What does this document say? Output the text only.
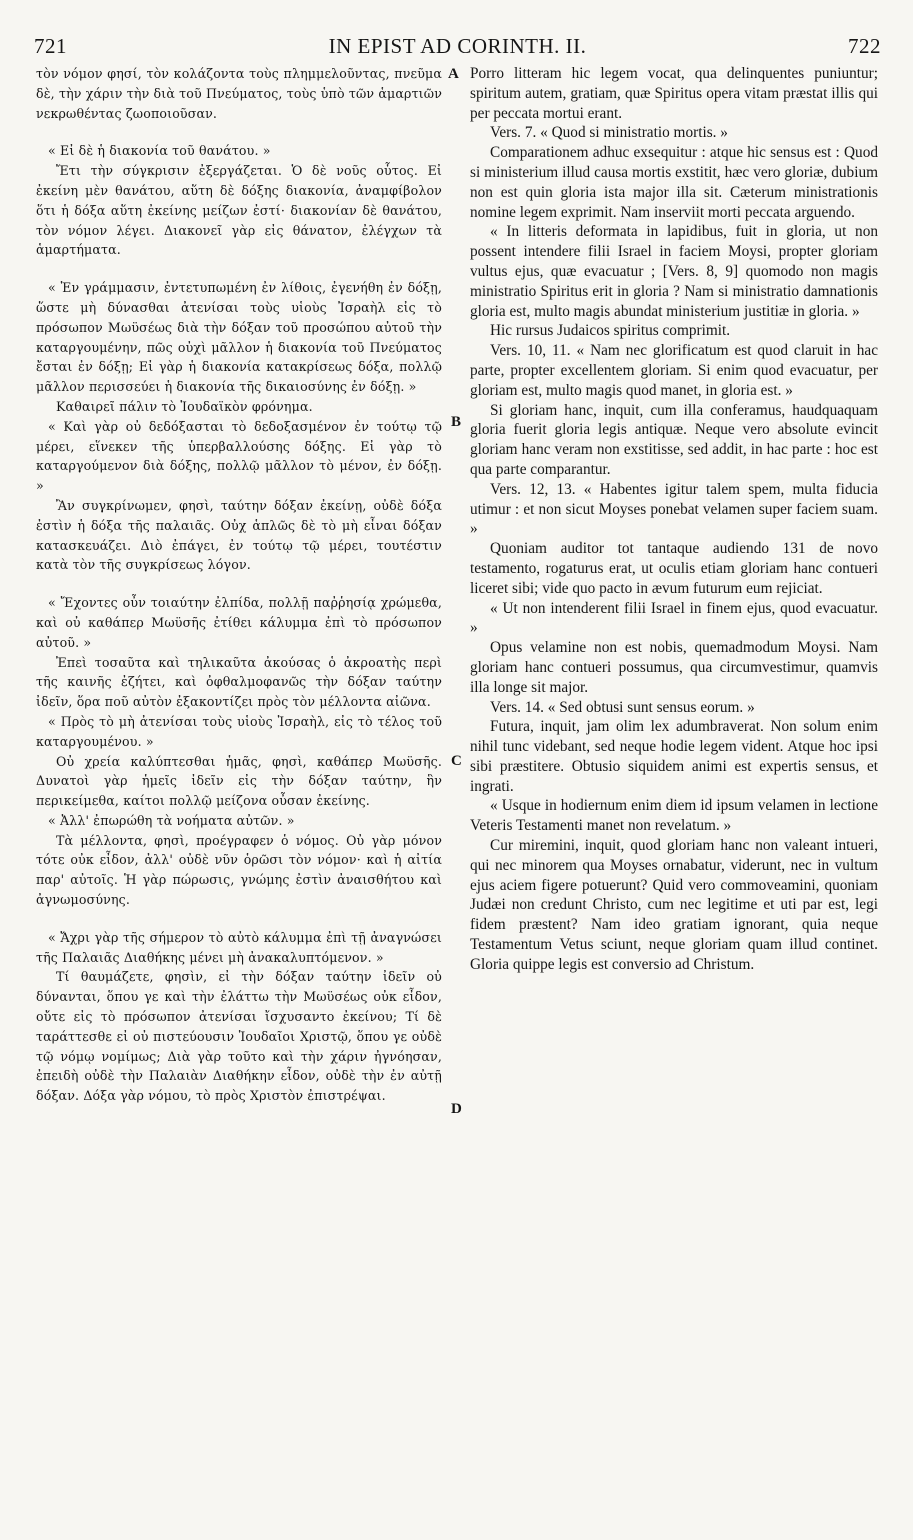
721	IN EPIST AD CORINTH. II.	722

τὸν νόμον φησί, τὸν κολάζοντα τοὺς πλημμελοῦντας, πνεῦμα δὲ, τὴν χάριν τὴν διὰ τοῦ Πνεύματος, τοὺς ὑπὸ τῶν ἁμαρτιῶν νεκρωθέντας ζωοποιοῦσαν.

« Εἰ δὲ ἡ διακονία τοῦ θανάτου. »

Ἔτι τὴν σύγκρισιν ἐξεργάζεται. Ὁ δὲ νοῦς οὗτος. Εἰ ἐκείνη μὲν θανάτου, αὕτη δὲ δόξης διακονία, ἀναμφίβολον ὅτι ἡ δόξα αὕτη ἐκείνης μείζων ἐστί· διακονίαν δὲ θανάτου, τὸν νόμον λέγει. Διακονεῖ γὰρ εἰς θάνατον, ἐλέγχων τὰ ἁμαρτήματα.

« Ἐν γράμμασιν, ἐντετυπωμένη ἐν λίθοις, ἐγενήθη ἐν δόξῃ, ὥστε μὴ δύνασθαι ἀτενίσαι τοὺς υἱοὺς Ἰσραὴλ εἰς τὸ πρόσωπον Μωϋσέως διὰ τὴν δόξαν τοῦ προσώπου αὐτοῦ τὴν καταργουμένην, πῶς οὐχὶ μᾶλλον ἡ διακονία τοῦ Πνεύματος ἔσται ἐν δόξῃ; Εἰ γὰρ ἡ διακονία κατακρίσεως δόξα, πολλῷ μᾶλλον περισσεύει ἡ διακονία τῆς δικαιοσύνης ἐν δόξῃ. »

Καθαιρεῖ πάλιν τὸ Ἰουδαϊκὸν φρόνημα.

« Καὶ γὰρ οὐ δεδόξασται τὸ δεδοξασμένον ἐν τούτῳ τῷ μέρει, εἵνεκεν τῆς ὑπερβαλλούσης δόξης. Εἰ γὰρ τὸ καταργούμενον διὰ δόξης, πολλῷ μᾶλλον τὸ μένον, ἐν δόξῃ. »

Ἂν συγκρίνωμεν, φησὶ, ταύτην δόξαν ἐκείνῃ, οὐδὲ δόξα ἐστὶν ἡ δόξα τῆς παλαιᾶς. Οὐχ ἁπλῶς δὲ τὸ μὴ εἶναι δόξαν κατασκευάζει. Διὸ ἐπάγει, ἐν τούτῳ τῷ μέρει, τουτέστιν κατὰ τὸν τῆς συγκρίσεως λόγον.

« Ἔχοντες οὖν τοιαύτην ἐλπίδα, πολλῇ παῤῥησίᾳ χρώμεθα, καὶ οὐ καθάπερ Μωϋσῆς ἐτίθει κάλυμμα ἐπὶ τὸ πρόσωπον αὐτοῦ. »

Ἐπεὶ τοσαῦτα καὶ τηλικαῦτα ἀκούσας ὁ ἀκροατὴς περὶ τῆς καινῆς ἐζήτει, καὶ ὀφθαλμοφανῶς τὴν δόξαν ταύτην ἰδεῖν, ὅρα ποῦ αὐτὸν ἐξακοντίζει πρὸς τὸν μέλλοντα αἰῶνα.

« Πρὸς τὸ μὴ ἀτενίσαι τοὺς υἱοὺς Ἰσραὴλ, εἰς τὸ τέλος τοῦ καταργουμένου. »

Οὐ χρεία καλύπτεσθαι ἡμᾶς, φησὶ, καθάπερ Μωϋσῆς. Δυνατοὶ γὰρ ἡμεῖς ἰδεῖν εἰς τὴν δόξαν ταύτην, ἣν περικείμεθα, καίτοι πολλῷ μείζονα οὖσαν ἐκείνης.

« Ἀλλ' ἐπωρώθη τὰ νοήματα αὐτῶν. »

Τὰ μέλλοντα, φησὶ, προέγραφεν ὁ νόμος. Οὐ γὰρ μόνον τότε οὐκ εἶδον, ἀλλ' οὐδὲ νῦν ὁρῶσι τὸν νόμον· καὶ ἡ αἰτία παρ' αὐτοῖς. Ἡ γὰρ πώρωσις, γνώμης ἐστὶν ἀναισθήτου καὶ ἀγνωμοσύνης.

« Ἄχρι γὰρ τῆς σήμερον τὸ αὐτὸ κάλυμμα ἐπὶ τῇ ἀναγνώσει τῆς Παλαιᾶς Διαθήκης μένει μὴ ἀνακαλυπτόμενον. »

Τί θαυμάζετε, φησὶν, εἰ τὴν δόξαν ταύτην ἰδεῖν οὐ δύνανται, ὅπου γε καὶ τὴν ἐλάττω τὴν Μωϋσέως οὐκ εἶδον, οὔτε εἰς τὸ πρόσωπον ἀτενίσαι ἴσχυσαντο ἐκείνου; Τί δὲ ταράττεσθε εἰ οὐ πιστεύουσιν Ἰουδαῖοι Χριστῷ, ὅπου γε οὐδὲ τῷ νόμῳ νομίμως; Διὰ γὰρ τοῦτο καὶ τὴν χάριν ἠγνόησαν, ἐπειδὴ οὐδὲ τὴν Παλαιὰν Διαθήκην εἶδον, οὐδὲ τὴν ἐν αὐτῇ δόξαν. Δόξα γὰρ νόμου, τὸ πρὸς Χριστὸν ἐπιστρέψαι.

Porro litteram hic legem vocat, qua delinquentes puniuntur; spiritum autem, gratiam, quæ Spiritus opera vitam præstat illis qui per peccata mortui erant.

Vers. 7. « Quod si ministratio mortis. »

Comparationem adhuc exsequitur : atque hic sensus est : Quod si ministerium illud causa mortis exstitit, hæc vero gloriæ, dubium non est quin gloria ista major illa sit. Cæterum ministrationis nomine legem exprimit. Nam inserviit morti peccata arguendo.

« In litteris deformata in lapidibus, fuit in gloria, ut non possent intendere filii Israel in faciem Moysi, propter gloriam vultus ejus, quæ evacuatur ; [Vers. 8, 9] quomodo non magis ministratio Spiritus erit in gloria ? Nam si ministratio damnationis gloria est, multo magis abundat ministerium justitiæ in gloria. »

Hic rursus Judaicos spiritus comprimit.

Vers. 10, 11. « Nam nec glorificatum est quod claruit in hac parte, propter excellentem gloriam. Si enim quod evacuatur, per gloriam est, multo magis quod manet, in gloria est. »

Si gloriam hanc, inquit, cum illa conferamus, haudquaquam gloria fuerit gloria legis antiquæ. Neque vero absolute evincit gloriam hanc veram non exstitisse, sed addit, in hac parte : hoc est qua parte comparantur.

Vers. 12, 13. « Habentes igitur talem spem, multa fiducia utimur : et non sicut Moyses ponebat velamen super faciem suam. »

Quoniam auditor tot tantaque audiendo 131 de novo testamento, rogaturus erat, ut oculis etiam gloriam hanc contueri liceret sibi; vide quo pacto in ævum futurum eum rejiciat.

« Ut non intenderent filii Israel in finem ejus, quod evacuatur. »

Opus velamine non est nobis, quemadmodum Moysi. Nam gloriam hanc contueri possumus, qua circumvestimur, quamvis illa longe sit major.

Vers. 14. « Sed obtusi sunt sensus eorum. »

Futura, inquit, jam olim lex adumbraverat. Non solum enim nihil tunc videbant, sed neque hodie legem vident. Atque hoc ipsi sibi præstitere. Obtusio siquidem animi est expertis sensus, et ingrati.

« Usque in hodiernum enim diem id ipsum velamen in lectione Veteris Testamenti manet non revelatum. »

Cur miremini, inquit, quod gloriam hanc non valeant intueri, qui nec minorem qua Moyses ornabatur, viderunt, nec in vultum ejus aciem figere potuerunt? Quid vero commoveamini, quoniam Judæi non credunt Christo, cum nec legitime et uti par est, legi fidem præstent? Nam ideo gratiam ignorant, quia neque Testamentum Vetus sciunt, neque gloriam quam illud continet. Gloria quippe legis est conversio ad Christum.

A
B
C
D
